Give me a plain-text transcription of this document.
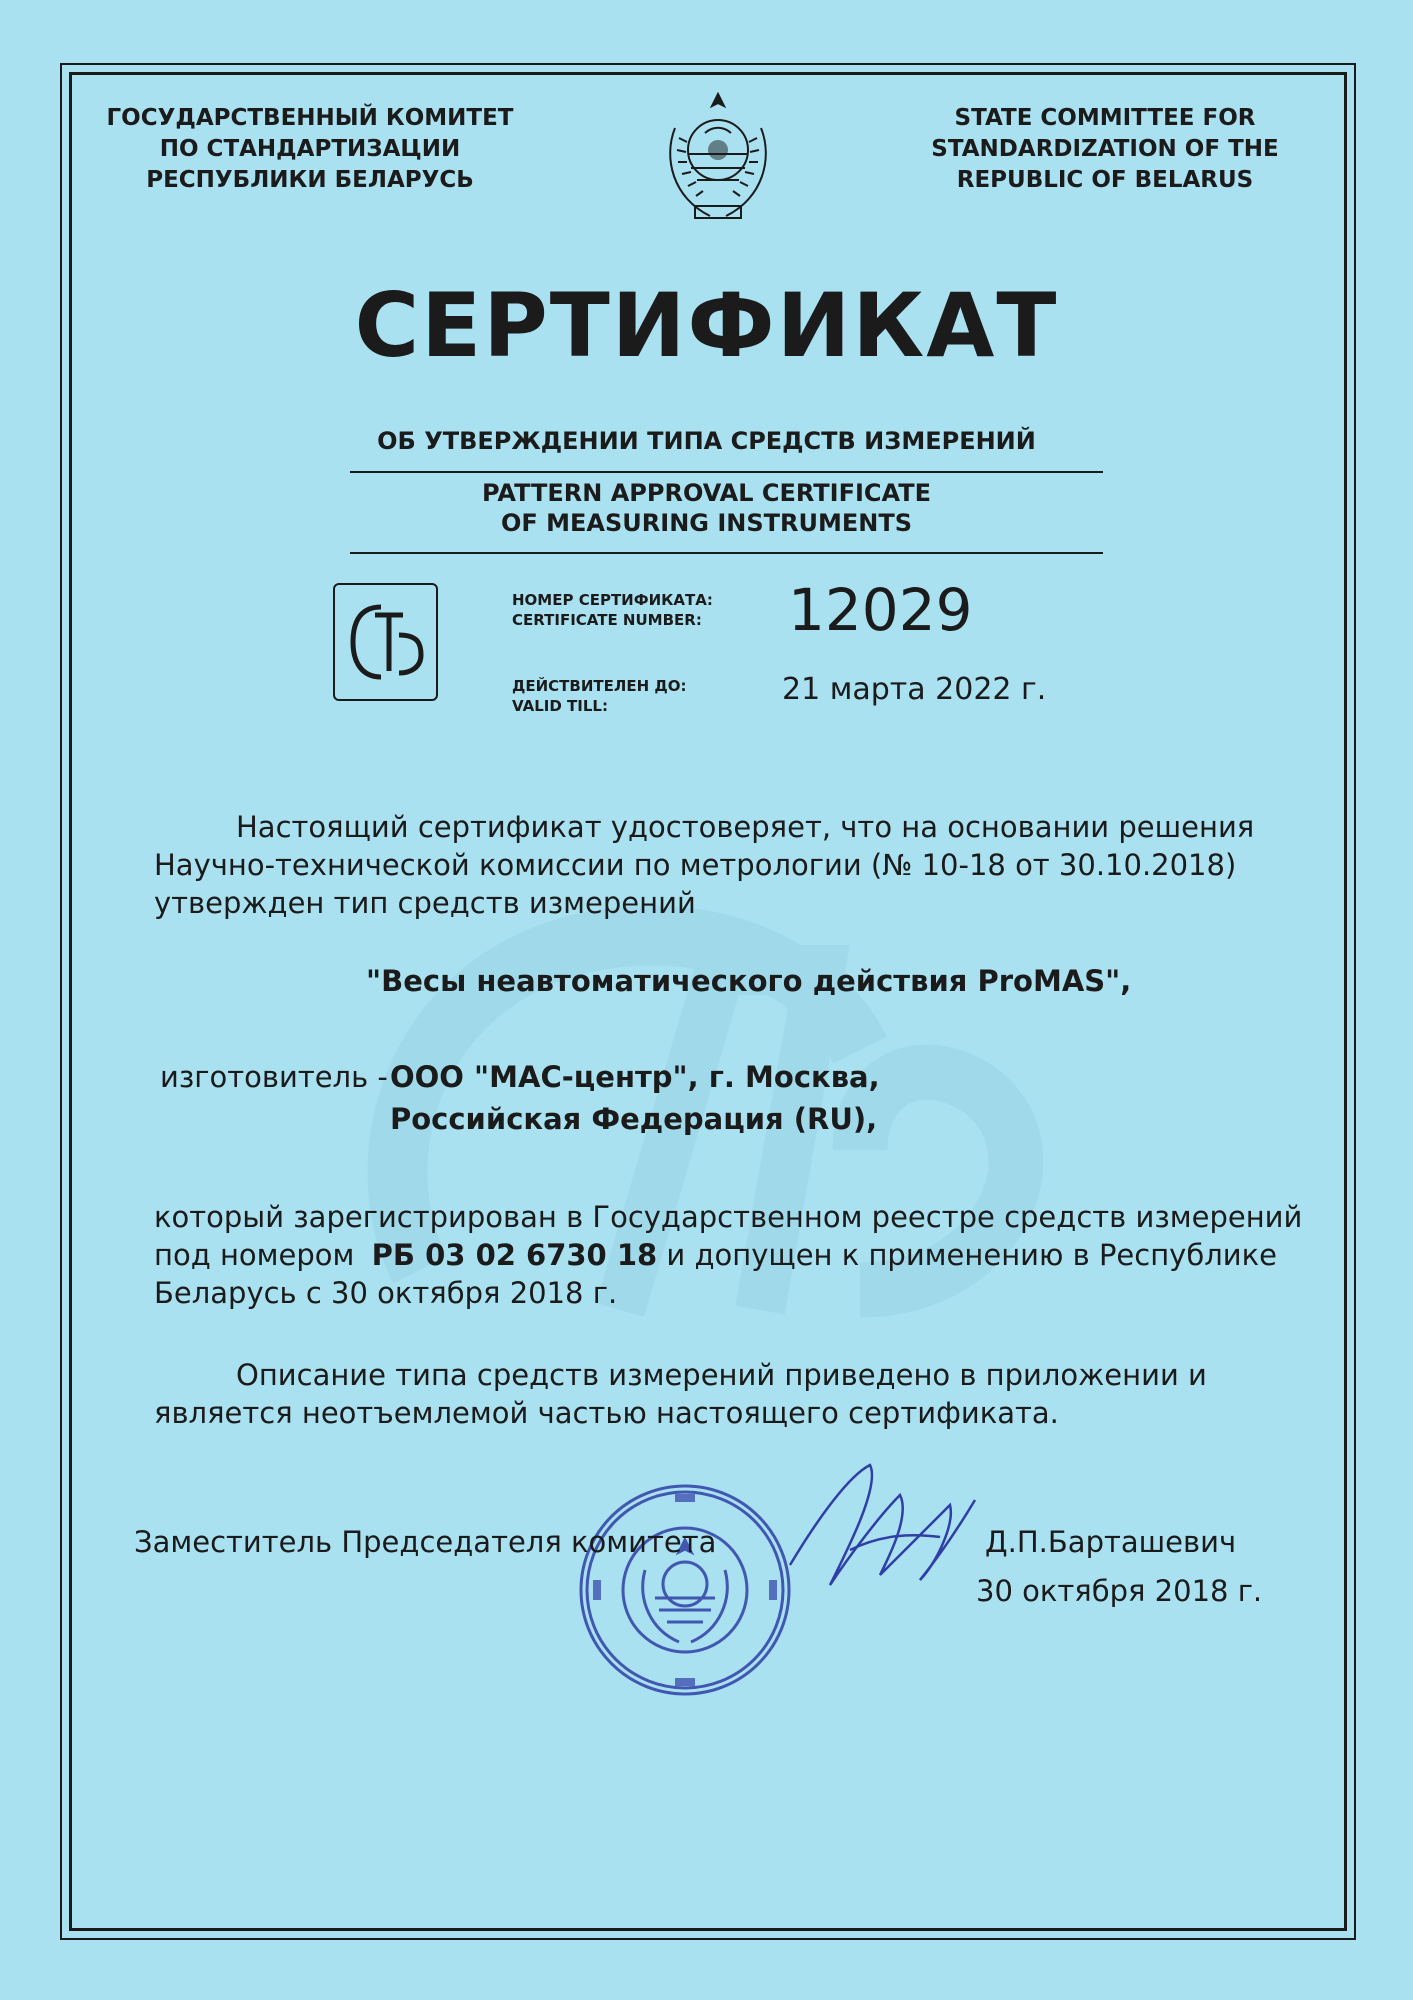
ГОСУДАРСТВЕННЫЙ КОМИТЕТ
ПО СТАНДАРТИЗАЦИИ
РЕСПУБЛИКИ БЕЛАРУСЬ
STATE COMMITTEE FOR
STANDARDIZATION OF THE
REPUBLIC OF BELARUS
СЕРТИФИКАТ
ОБ УТВЕРЖДЕНИИ ТИПА СРЕДСТВ ИЗМЕРЕНИЙ
PATTERN APPROVAL CERTIFICATE
OF MEASURING INSTRUMENTS
НОМЕР СЕРТИФИКАТА:
CERTIFICATE NUMBER: 12029
ДЕЙСТВИТЕЛЕН ДО:
VALID TILL:	21 марта 2022 г.
Настоящий сертификат удостоверяет, что на основании решения
Научно-технической комиссии по метрологии (№ 10-18 от 30.10.2018)
утвержден тип средств измерений
"Весы неавтоматического действия ProMAS",
изготовитель - ООО "МАС-центр", г. Москва,
Российская Федерация (RU),
который зарегистрирован в Государственном реестре средств измерений
под номером РБ 03 02 6730 18 и допущен к применению в Республике
Беларусь с 30 октября 2018 г.
Описание типа средств измерений приведено в приложении и
является неотъемлемой частью настоящего сертификата.
Заместитель Председателя комитета	Д.П.Барташевич
30 октября 2018 г.
